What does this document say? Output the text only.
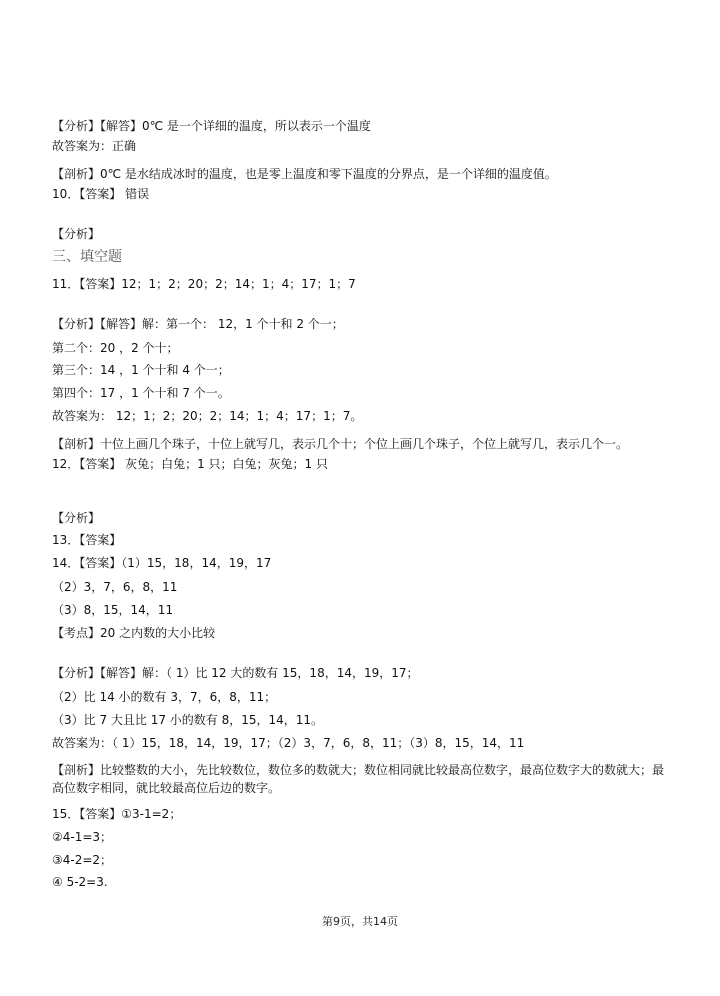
【分析】【解答】0℃ 是一个详细的温度，所以表示一个温度
故答案为：正确
【剖析】0℃ 是水结成冰时的温度，也是零上温度和零下温度的分界点，是一个详细的温度值。
10．【答案】 错误
【分析】
三、填空题
11．【答案】12；1；2；20；2；14；1；4；17；1；7
【分析】【解答】解：第一个： 12，1 个十和 2 个一；
第二个：20 ，2 个十；
第三个：14 ，1 个十和 4 个一；
第四个：17 ，1 个十和 7 个一。
故答案为： 12；1；2；20；2；14；1；4；17；1；7。
【剖析】十位上画几个珠子，十位上就写几，表示几个十；个位上画几个珠子，个位上就写几，表示几个一。
12．【答案】 灰兔；白兔；1 只；白兔；灰兔；1 只
【分析】
13．【答案】
14．【答案】（1）15，18，14，19，17
（2）3，7，6，8，11
（3）8，15，14，11
【考点】20 之内数的大小比较
【分析】【解答】解：（ 1）比 12 大的数有 15，18，14，19，17；
（2）比 14 小的数有 3，7，6，8，11；
（3）比 7 大且比 17 小的数有 8，15，14，11。
故答案为：（ 1）15，18，14，19，17；（2）3，7，6，8，11；（3）8，15，14，11
【剖析】比较整数的大小，先比较数位，数位多的数就大；数位相同就比较最高位数字，最高位数字大的数就大；最高位数字相同，就比较最高位后边的数字。
15．【答案】①3-1=2；
②4-1=3；
③4-2=2；
④ 5-2=3.
第9页，共14页
